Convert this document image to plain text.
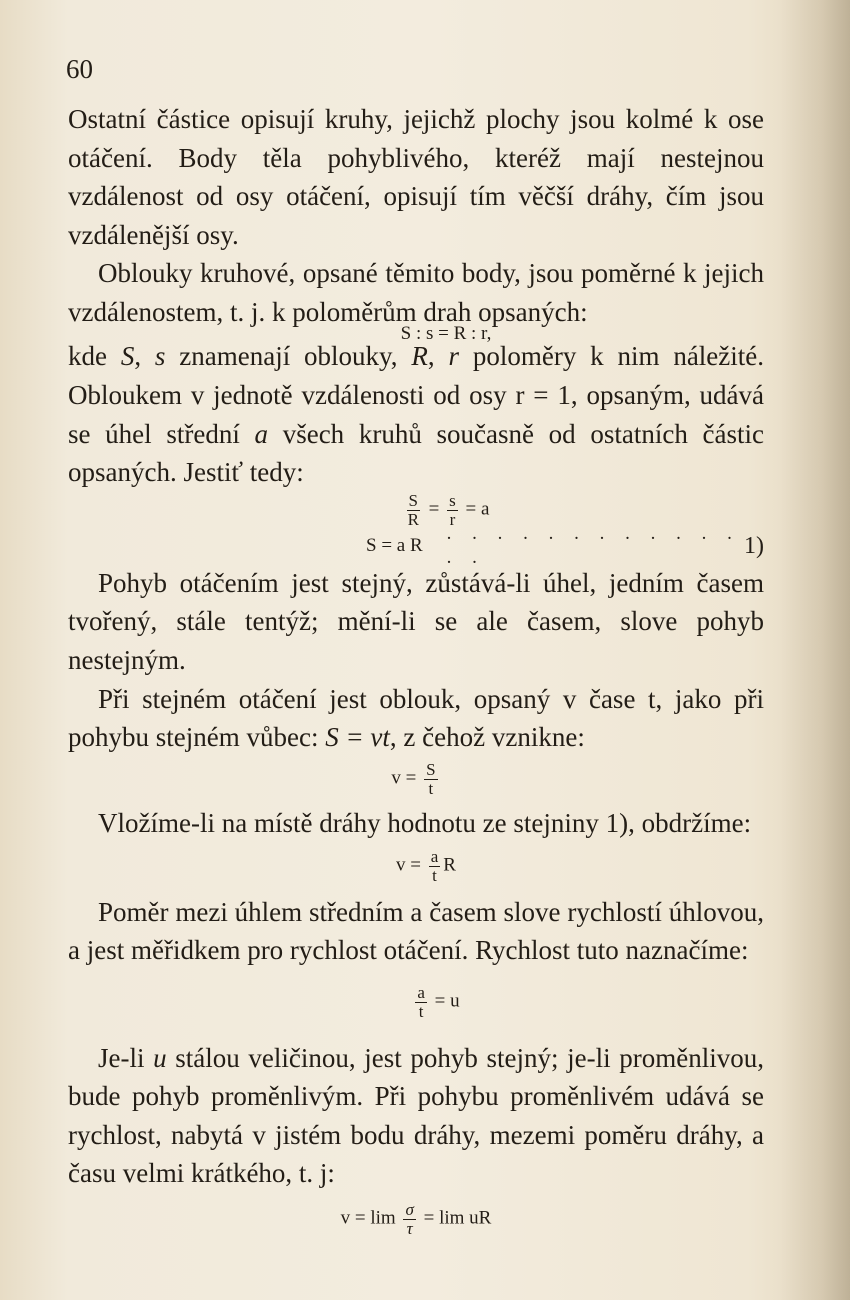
60

Ostatní částice opisují kruhy, jejichž plochy jsou kolmé k ose otáčení. Body těla pohyblivého, kteréž mají nestejnou vzdálenost od osy otáčení, opisují tím věčší dráhy, čím jsou vzdálenější osy.

Oblouky kruhové, opsané těmito body, jsou poměrné k jejich vzdálenostem, t. j. k poloměrům drah opsaných:

S : s = R : r,

kde S, s znamenají oblouky, R, r poloměry k nim náležité. Obloukem v jednotě vzdálenosti od osy r = 1, opsaným, udává se úhel střední a všech kruhů současně od ostatních částic opsaných. Jestiť tedy:

$\frac{S}{R} = \frac{s}{r} = a$

S = a R
. . . . . . . . . . . . . .	1)

Pohyb otáčením jest stejný, zůstává-li úhel, jedním časem tvořený, stále tentýž; mění-li se ale časem, slove pohyb nestejným.

Při stejném otáčení jest oblouk, opsaný v čase t, jako při pohybu stejném vůbec: S = vt, z čehož vznikne:

$v = \frac{S}{t}$

Vložíme-li na místě dráhy hodnotu ze stejniny 1), obdržíme:

$v = \frac{a}{t}$ R

Poměr mezi úhlem středním a časem slove rychlostí úhlovou, a jest měřidkem pro rychlost otáčení. Rychlost tuto naznačíme:

$\frac{a}{t} = u$

Je-li u stálou veličinou, jest pohyb stejný; je-li proměnlivou, bude pohyb proměnlivým. Při pohybu proměnlivém udává se rychlost, nabytá v jistém bodu dráhy, mezemi poměru dráhy, a času velmi krátkého, t. j:

$v = \lim \frac{\sigma}{\tau} = \lim$ uR
